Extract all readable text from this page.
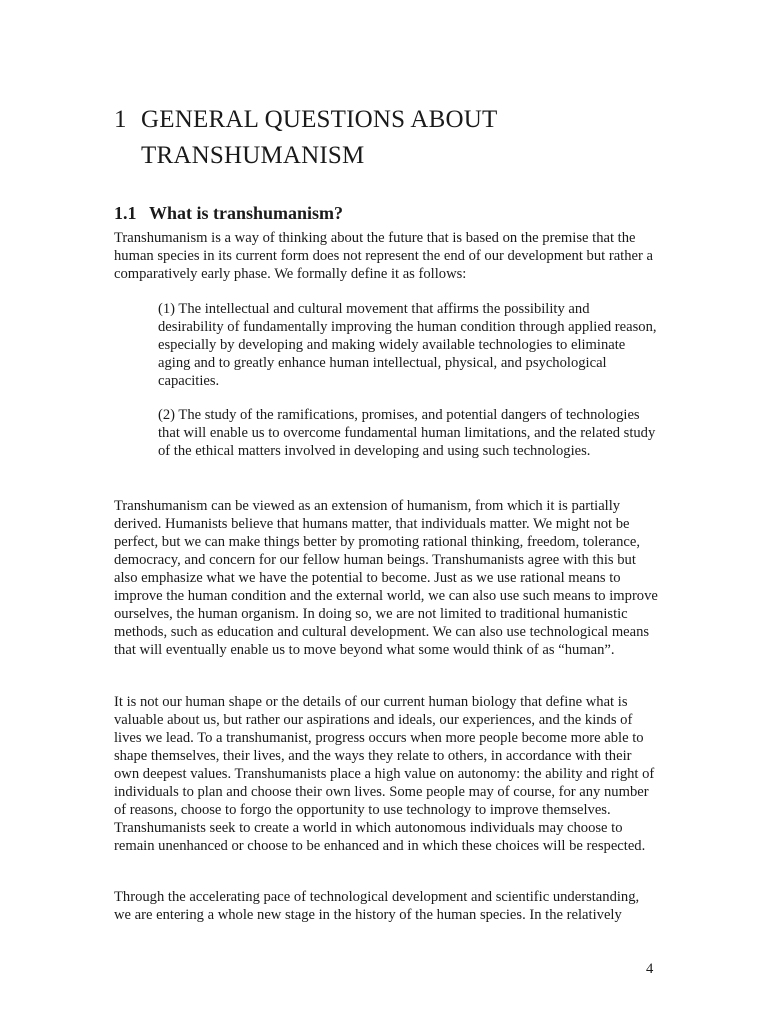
1 GENERAL QUESTIONS ABOUT TRANSHUMANISM
1.1 What is transhumanism?

Transhumanism is a way of thinking about the future that is based on the premise that the human species in its current form does not represent the end of our development but rather a comparatively early phase. We formally define it as follows:

(1) The intellectual and cultural movement that affirms the possibility and desirability of fundamentally improving the human condition through applied reason, especially by developing and making widely available technologies to eliminate aging and to greatly enhance human intellectual, physical, and psychological capacities.

(2) The study of the ramifications, promises, and potential dangers of technologies that will enable us to overcome fundamental human limitations, and the related study of the ethical matters involved in developing and using such technologies.

Transhumanism can be viewed as an extension of humanism, from which it is partially derived. Humanists believe that humans matter, that individuals matter. We might not be perfect, but we can make things better by promoting rational thinking, freedom, tolerance, democracy, and concern for our fellow human beings. Transhumanists agree with this but also emphasize what we have the potential to become. Just as we use rational means to improve the human condition and the external world, we can also use such means to improve ourselves, the human organism. In doing so, we are not limited to traditional humanistic methods, such as education and cultural development. We can also use technological means that will eventually enable us to move beyond what some would think of as “human”.

It is not our human shape or the details of our current human biology that define what is valuable about us, but rather our aspirations and ideals, our experiences, and the kinds of lives we lead. To a transhumanist, progress occurs when more people become more able to shape themselves, their lives, and the ways they relate to others, in accordance with their own deepest values. Transhumanists place a high value on autonomy: the ability and right of individuals to plan and choose their own lives. Some people may of course, for any number of reasons, choose to forgo the opportunity to use technology to improve themselves. Transhumanists seek to create a world in which autonomous individuals may choose to remain unenhanced or choose to be enhanced and in which these choices will be respected.

Through the accelerating pace of technological development and scientific understanding, we are entering a whole new stage in the history of the human species. In the relatively

4
